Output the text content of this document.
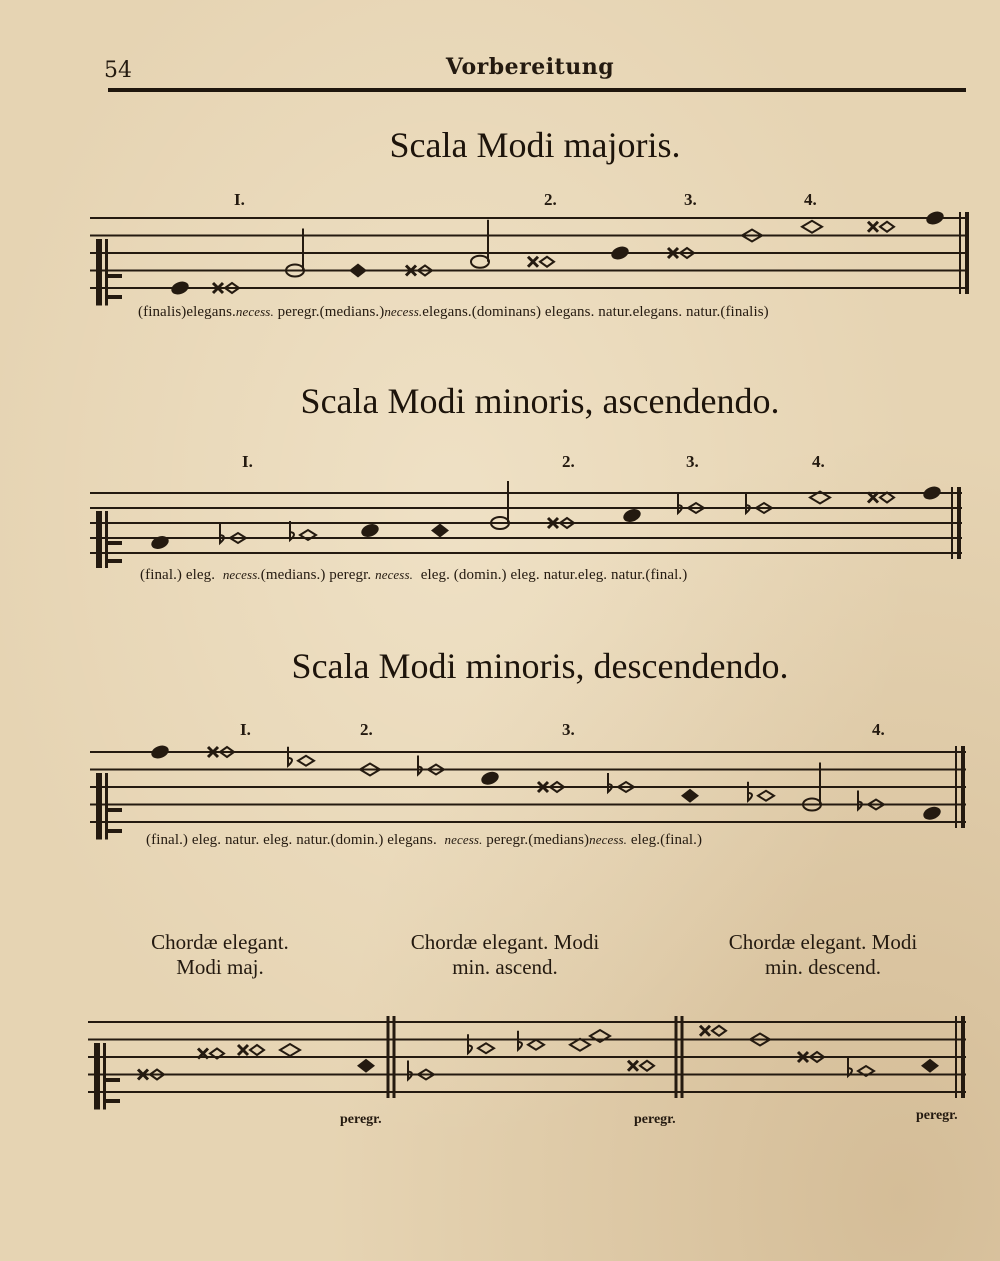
54	Vorbereitung
Scala Modi majoris.
I.	2.	3.	4.
(finalis)elegans.necess. peregr.(medians.)necess.elegans.(dominans) elegans. natur.elegans. natur.(finalis)
Scala Modi minoris, ascendendo.
I.	2.	3.	4.
(final.) eleg. necess.(medians.) peregr. necess. eleg. (domin.) eleg. natur.eleg. natur.(final.)
Scala Modi minoris, descendendo.
I.	2.	3.	4.
(final.) eleg. natur. eleg. natur.(domin.) elegans. necess. peregr.(medians)necess. eleg.(final.)
Chordæ elegant.
Modi maj.
Chordæ elegant. Modi
min. ascend.
Chordæ elegant. Modi
min. descend.
peregr.	peregr.	peregr.
